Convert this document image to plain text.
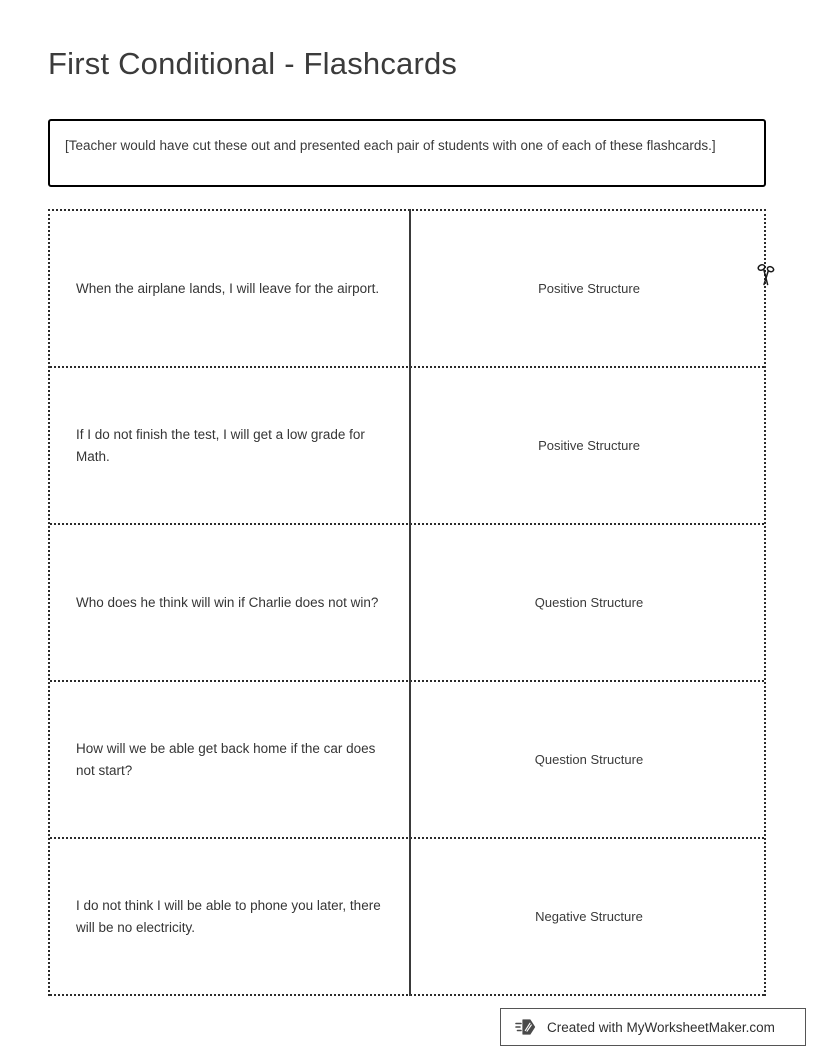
First Conditional - Flashcards
[Teacher would have cut these out and presented each pair of students with one of each of these flashcards.]
When the airplane lands, I will leave for the airport.	Positive Structure
If I do not finish the test, I will get a low grade for Math.
Positive Structure
Who does he think will win if Charlie does not win?	Question Structure
How will we be able get back home if the car does not start?
Question Structure
I do not think I will be able to phone you later, there will be no electricity.
Negative Structure
Created with MyWorksheetMaker.com
